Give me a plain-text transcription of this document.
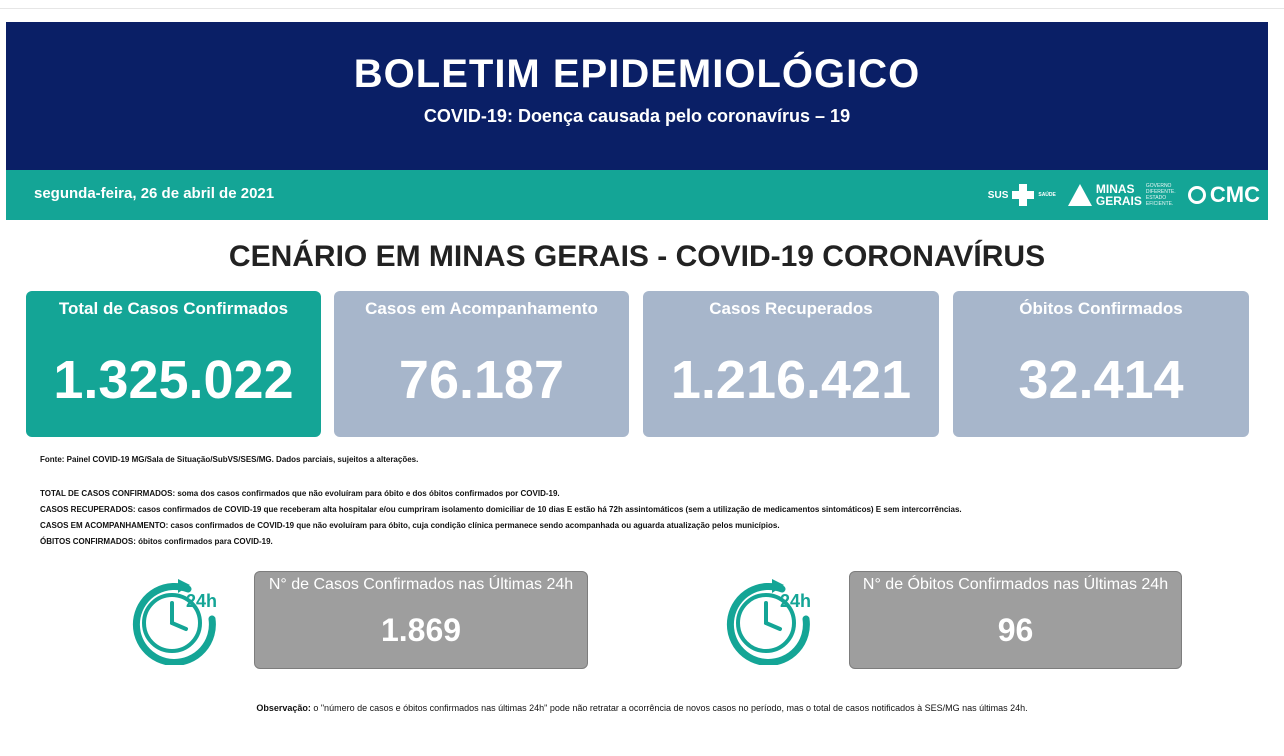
BOLETIM EPIDEMIOLÓGICO
COVID-19: Doença causada pelo coronavírus – 19
segunda-feira, 26 de abril de 2021	SUS	SAÚDE	MINAS
GERAIS
GOVERNO DIFERENTE. ESTADO EFICIENTE. CMC
CENÁRIO EM MINAS GERAIS - COVID-19 CORONAVÍRUS
Total de Casos Confirmados
1.325.022
Casos em Acompanhamento
76.187
Casos Recuperados
1.216.421
Óbitos Confirmados
32.414
Fonte: Painel COVID-19 MG/Sala de Situação/SubVS/SES/MG. Dados parciais, sujeitos a alterações.
TOTAL DE CASOS CONFIRMADOS: soma dos casos confirmados que não evoluíram para óbito e dos óbitos confirmados por COVID-19.
CASOS RECUPERADOS: casos confirmados de COVID-19 que receberam alta hospitalar e/ou cumpriram isolamento domiciliar de 10 dias E estão há 72h assintomáticos (sem a utilização de medicamentos sintomáticos) E sem intercorrências.
CASOS EM ACOMPANHAMENTO: casos confirmados de COVID-19 que não evoluíram para óbito, cuja condição clínica permanece sendo acompanhada ou aguarda atualização pelos municípios.
ÓBITOS CONFIRMADOS: óbitos confirmados para COVID-19.
24h
N° de Casos Confirmados nas Últimas 24h
1.869
24h
N° de Óbitos Confirmados nas Últimas 24h
96
Observação: o "número de casos e óbitos confirmados nas últimas 24h" pode não retratar a ocorrência de novos casos no período, mas o total de casos notificados à SES/MG nas últimas 24h.
